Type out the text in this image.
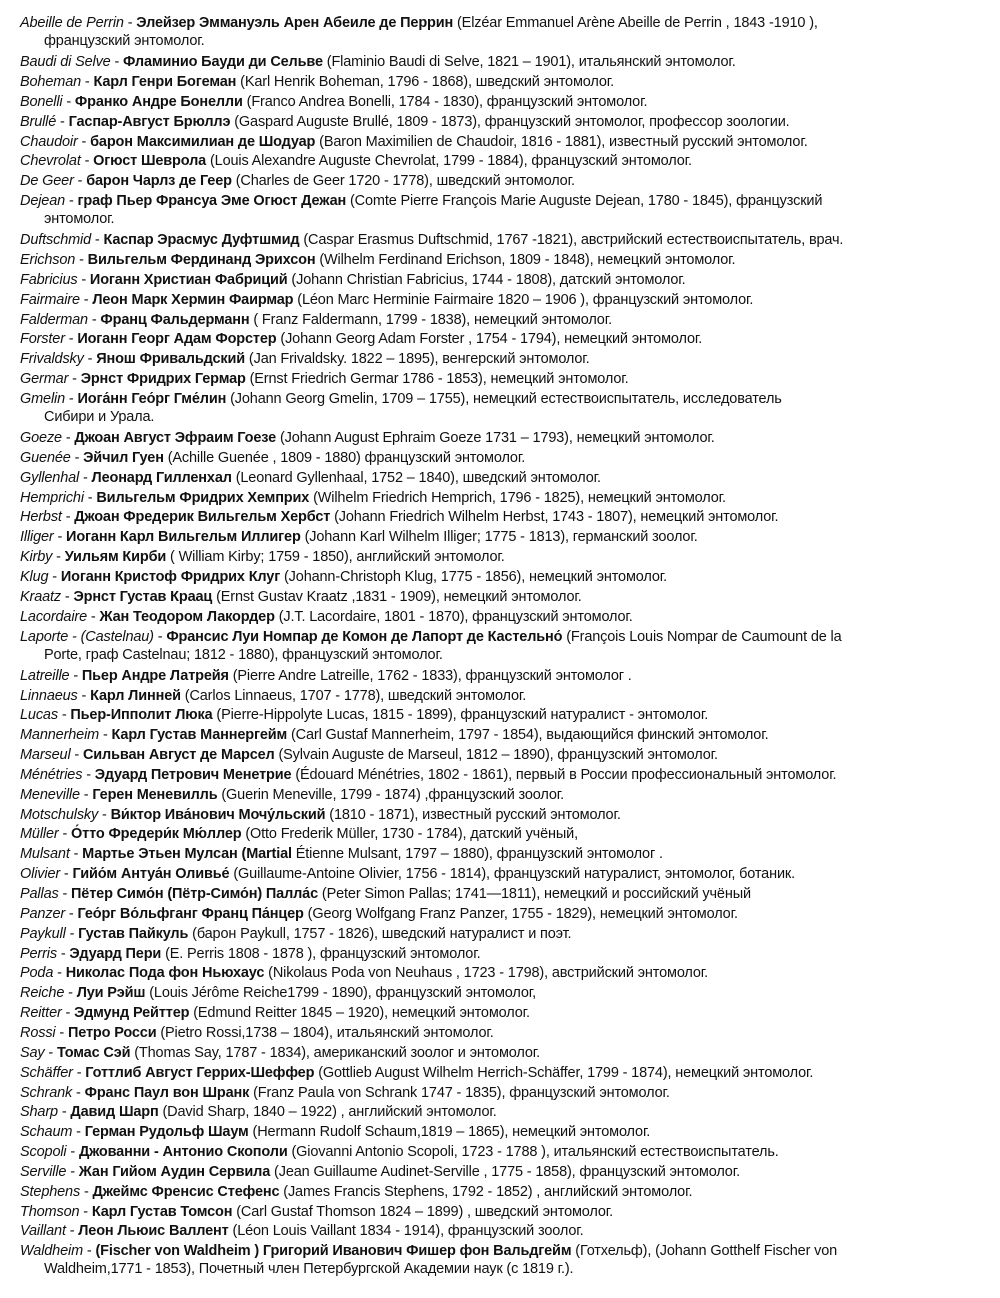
Abeille de Perrin - Элейзер Эммануэль Арен Абеиле де Перрин (Elzéar Emmanuel Arène Abeille de Perrin , 1843 -1910 ),
французский энтомолог.
Baudi di Selve - Фламинио Бауди ди Сельве (Flaminio Baudi di Selve, 1821 – 1901), итальянский энтомолог.
Boheman - Карл Генри Богеман (Karl Henrik Boheman, 1796 - 1868), шведский энтомолог.
Bonelli - Франко Андре Бонелли (Franco Andrea Bonelli, 1784 - 1830), французский энтомолог.
Brullé - Гаспар-Август Брюллэ (Gaspard Auguste Brullé, 1809 - 1873), французский энтомолог, профессор зоологии.
Chaudoir - барон Максимилиан де Шодуар (Baron Maximilien de Chaudoir, 1816 - 1881), известный русский энтомолог.
Chevrolat - Огюст Шеврола (Louis Alexandre Auguste Chevrolat, 1799 - 1884), французский энтомолог.
De Geer - барон Чарлз де Геер (Charles de Geer 1720 - 1778), шведский энтомолог.
Dejean - граф Пьер Франсуа Эме Огюст Дежан (Comte Pierre François Marie Auguste Dejean, 1780 - 1845), французский
энтомолог.
Duftschmid - Каспар Эрасмус Дуфтшмид (Caspar Erasmus Duftschmid, 1767 -1821), австрийский естествоиспытатель, врач.
Erichson - Вильгельм Фердинанд Эрихсон (Wilhelm Ferdinand Erichson, 1809 - 1848), немецкий энтомолог.
Fabricius - Иоганн Христиан Фабриций (Johann Christian Fabricius, 1744 - 1808), датский энтомолог.
Fairmaire - Леон Марк Хермин Фаирмар (Léon Marc Herminie Fairmaire 1820 – 1906 ), французский энтомолог.
Falderman - Франц Фальдерманн ( Franz Faldermann, 1799 - 1838), немецкий энтомолог.
Forster - Иоганн Георг Адам Форстер (Johann Georg Adam Forster , 1754 - 1794), немецкий энтомолог.
Frivaldsky - Янош Фривальдский (Jan Frivaldsky. 1822 – 1895), венгерский энтомолог.
Germar - Эрнст Фридрих Гермар (Ernst Friedrich Germar 1786 - 1853), немецкий энтомолог.
Gmelin - Иога́нн Гео́рг Гме́лин (Johann Georg Gmelin, 1709 – 1755), немецкий естествоиспытатель, исследователь
Сибири и Урала.
Goeze - Джоан Август Эфраим Гоезе (Johann August Ephraim Goeze 1731 – 1793), немецкий энтомолог.
Guenée - Эйчил Гуен (Achille Guenée , 1809 - 1880) французский энтомолог.
Gyllenhal - Леонард Гилленхал (Leonard Gyllenhaal, 1752 – 1840), шведский энтомолог.
Hemprichi - Вильгельм Фридрих Хемприх (Wilhelm Friedrich Hemprich, 1796 - 1825), немецкий энтомолог.
Herbst - Джоан Фредерик Вильгельм Хербст (Johann Friedrich Wilhelm Herbst, 1743 - 1807), немецкий энтомолог.
Illiger - Иоганн Карл Вильгельм Иллигер (Johann Karl Wilhelm Illiger; 1775 - 1813), германский зоолог.
Kirby - Уильям Кирби ( William Kirby; 1759 - 1850), английский энтомолог.
Klug - Иоганн Кристоф Фридрих Клуг (Johann-Christoph Klug, 1775 - 1856), немецкий энтомолог.
Kraatz - Эрнст Густав Краац (Ernst Gustav Kraatz ,1831 - 1909), немецкий энтомолог.
Lacordaire - Жан Теодором Лакордер (J.T. Lacordaire, 1801 - 1870), французский энтомолог.
Laporte - (Castelnau) - Франсис Луи Номпар де Комон де Лапорт де Кастельно́ (François Louis Nompar de Caumount de la
Porte, граф Castelnau; 1812 - 1880), французский энтомолог.
Latreille - Пьер Андре Латрейя (Pierre Andre Latreille, 1762 - 1833), французский энтомолог .
Linnaeus - Карл Линней (Carlos Linnaeus, 1707 - 1778), шведский энтомолог.
Lucas - Пьер-Ипполит Люка (Pierre-Hippolyte Lucas, 1815 - 1899), французский натуралист - энтомолог.
Mannerheim - Карл Густав Маннергейм (Carl Gustaf Mannerheim, 1797 - 1854), выдающийся финский энтомолог.
Marseul - Сильван Август де Марсел (Sylvain Auguste de Marseul, 1812 – 1890), французский энтомолог.
Ménétries - Эдуард Петрович Менетрие (Édouard Ménétries, 1802 - 1861), первый в России профессиональный энтомолог.
Meneville - Герен Меневилль (Guerin Meneville, 1799 - 1874) ,французский зоолог.
Motschulsky - Ви́ктор Ива́нович Мочу́льский (1810 - 1871), известный русский энтомолог.
Müller - О́тто Фредери́к Мю́ллер (Otto Frederik Müller, 1730 - 1784), датский учёный,
Mulsant - Мартье Этьен Мулсан (Martial Étienne Mulsant, 1797 – 1880), французский энтомолог .
Olivier - Гийо́м Антуа́н Оливье́ (Guillaume-Antoine Olivier, 1756 - 1814), французский натуралист, энтомолог, ботаник.
Pallas - Пётер Симо́н (Пётр-Симо́н) Палла́с (Peter Simon Pallas; 1741—1811), немецкий и российский учёный
Panzer - Гео́рг Во́льфганг Франц Па́нцер (Georg Wolfgang Franz Panzer, 1755 - 1829), немецкий энтомолог.
Paykull - Густав Пайкуль (барон Paykull, 1757 - 1826), шведский натуралист и поэт.
Perris - Эдуард Пери (E. Perris 1808 - 1878 ), французский энтомолог.
Poda - Николас Пода фон Ньюхаус (Nikolaus Poda von Neuhaus , 1723 - 1798), австрийский энтомолог.
Reiche - Луи Рэйш (Louis Jérôme Reiche1799 - 1890), французский энтомолог,
Reitter - Эдмунд Рейттер (Edmund Reitter 1845 – 1920), немецкий энтомолог.
Rossi - Петро Росси (Pietro Rossi,1738 – 1804), итальянский энтомолог.
Say - Томас Сэй (Thomas Say, 1787 - 1834), американский зоолог и энтомолог.
Schäffer - Готтлиб Август Геррих-Шеффер (Gottlieb August Wilhelm Herrich-Schäffer, 1799 - 1874), немецкий энтомолог.
Schrank - Франс Паул вон Шранк (Franz Paula von Schrank 1747 - 1835), французский энтомолог.
Sharp - Давид Шарп (David Sharp, 1840 – 1922) , английский энтомолог.
Schaum - Герман Рудольф Шаум (Hermann Rudolf Schaum,1819 – 1865), немецкий энтомолог.
Scopoli - Джованни - Антонио Скополи (Giovanni Antonio Scopoli, 1723 - 1788 ), итальянский естествоиспытатель.
Serville - Жан Гийом Аудин Сервила (Jean Guillaume Audinet-Serville , 1775 - 1858), французский энтомолог.
Stephens - Джеймс Френсис Стефенс (James Francis Stephens, 1792 - 1852) , английский энтомолог.
Thomson - Карл Густав Томсон (Carl Gustaf Thomson 1824 – 1899) , шведский энтомолог.
Vaillant - Леон Льюис Валлент (Léon Louis Vaillant 1834 - 1914), французский зоолог.
Waldheim - (Fischer von Waldheim ) Григорий Иванович Фишер фон Вальдгейм (Готхельф), (Johann Gotthelf Fischer von
Waldheim,1771 - 1853), Почетный член Петербургской Академии наук (с 1819 г.).
